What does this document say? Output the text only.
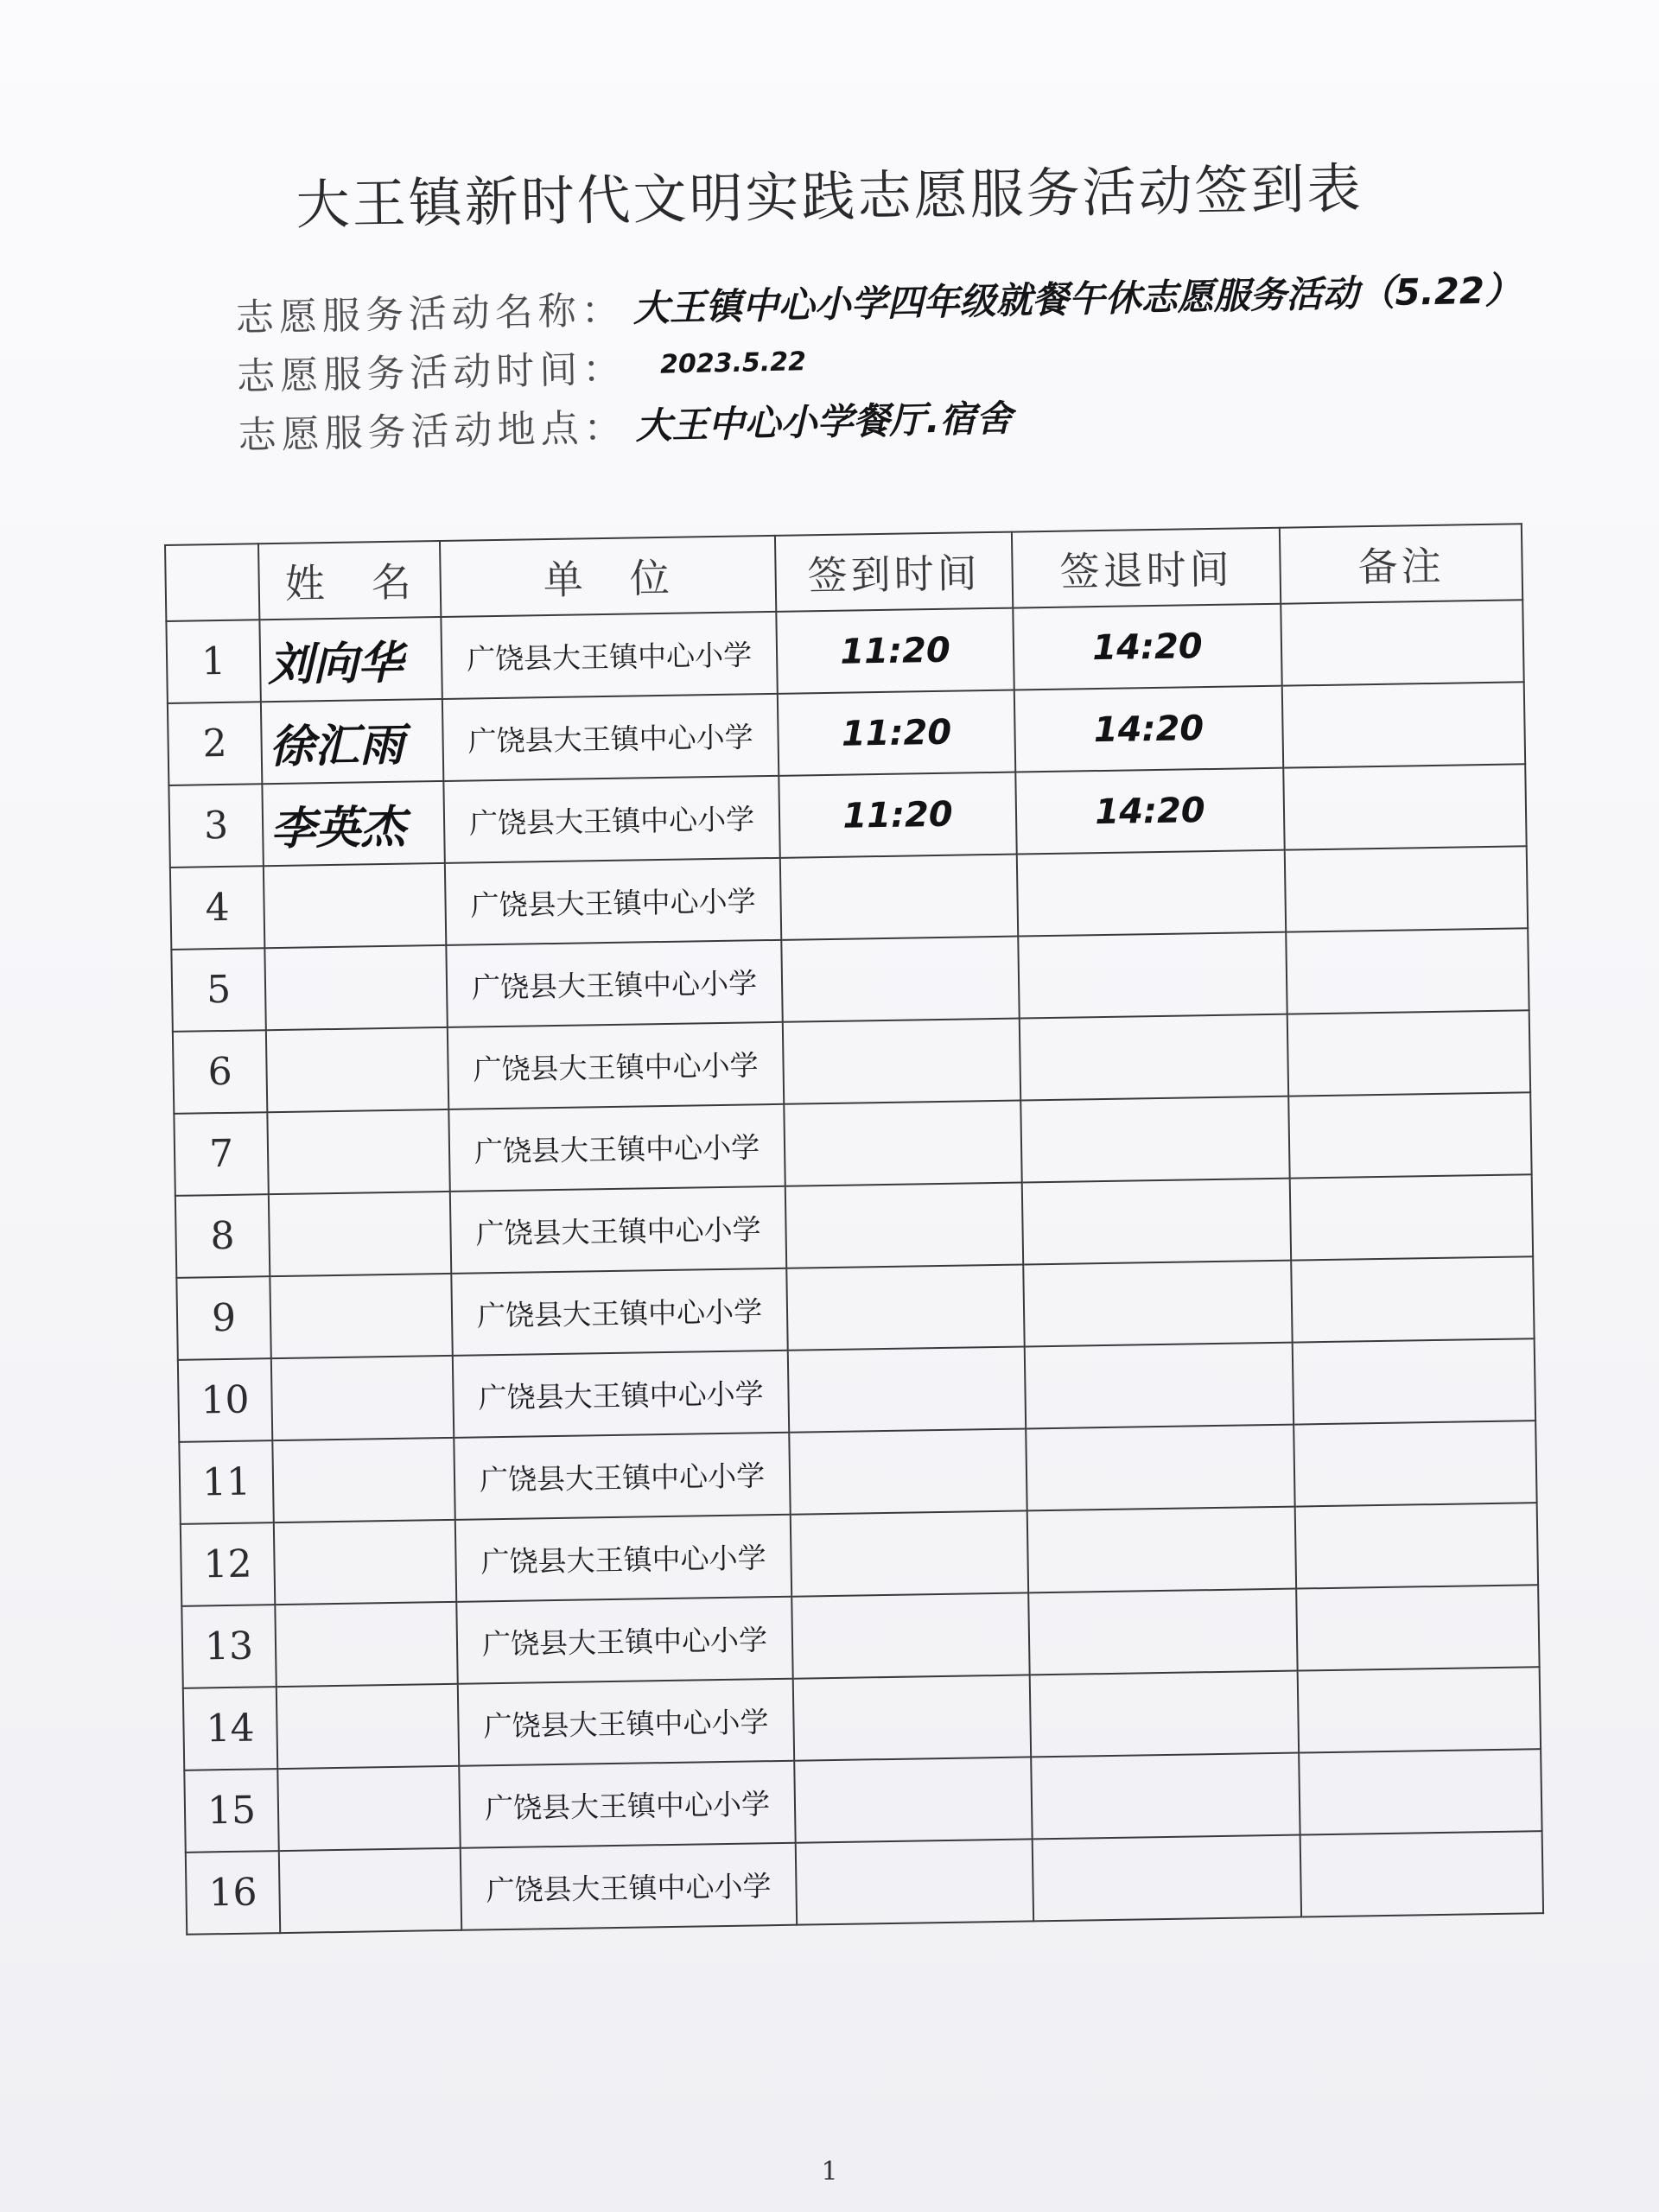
大王镇新时代文明实践志愿服务活动签到表
志愿服务活动名称： 大王镇中心小学四年级就餐午休志愿服务活动（5.22）
志愿服务活动时间： 2023.5.22
志愿服务活动地点： 大王中心小学餐厅.宿舍
	姓　名	单　位	签到时间	签退时间	备注
1	刘向华	广饶县大王镇中心小学	11:20	14:20	
2	徐汇雨	广饶县大王镇中心小学	11:20	14:20	
3	李英杰	广饶县大王镇中心小学	11:20	14:20	
4		广饶县大王镇中心小学			
5		广饶县大王镇中心小学			
6		广饶县大王镇中心小学			
7		广饶县大王镇中心小学			
8		广饶县大王镇中心小学			
9		广饶县大王镇中心小学			
10		广饶县大王镇中心小学			
11		广饶县大王镇中心小学			
12		广饶县大王镇中心小学			
13		广饶县大王镇中心小学			
14		广饶县大王镇中心小学			
15		广饶县大王镇中心小学			
16		广饶县大王镇中心小学			
1
